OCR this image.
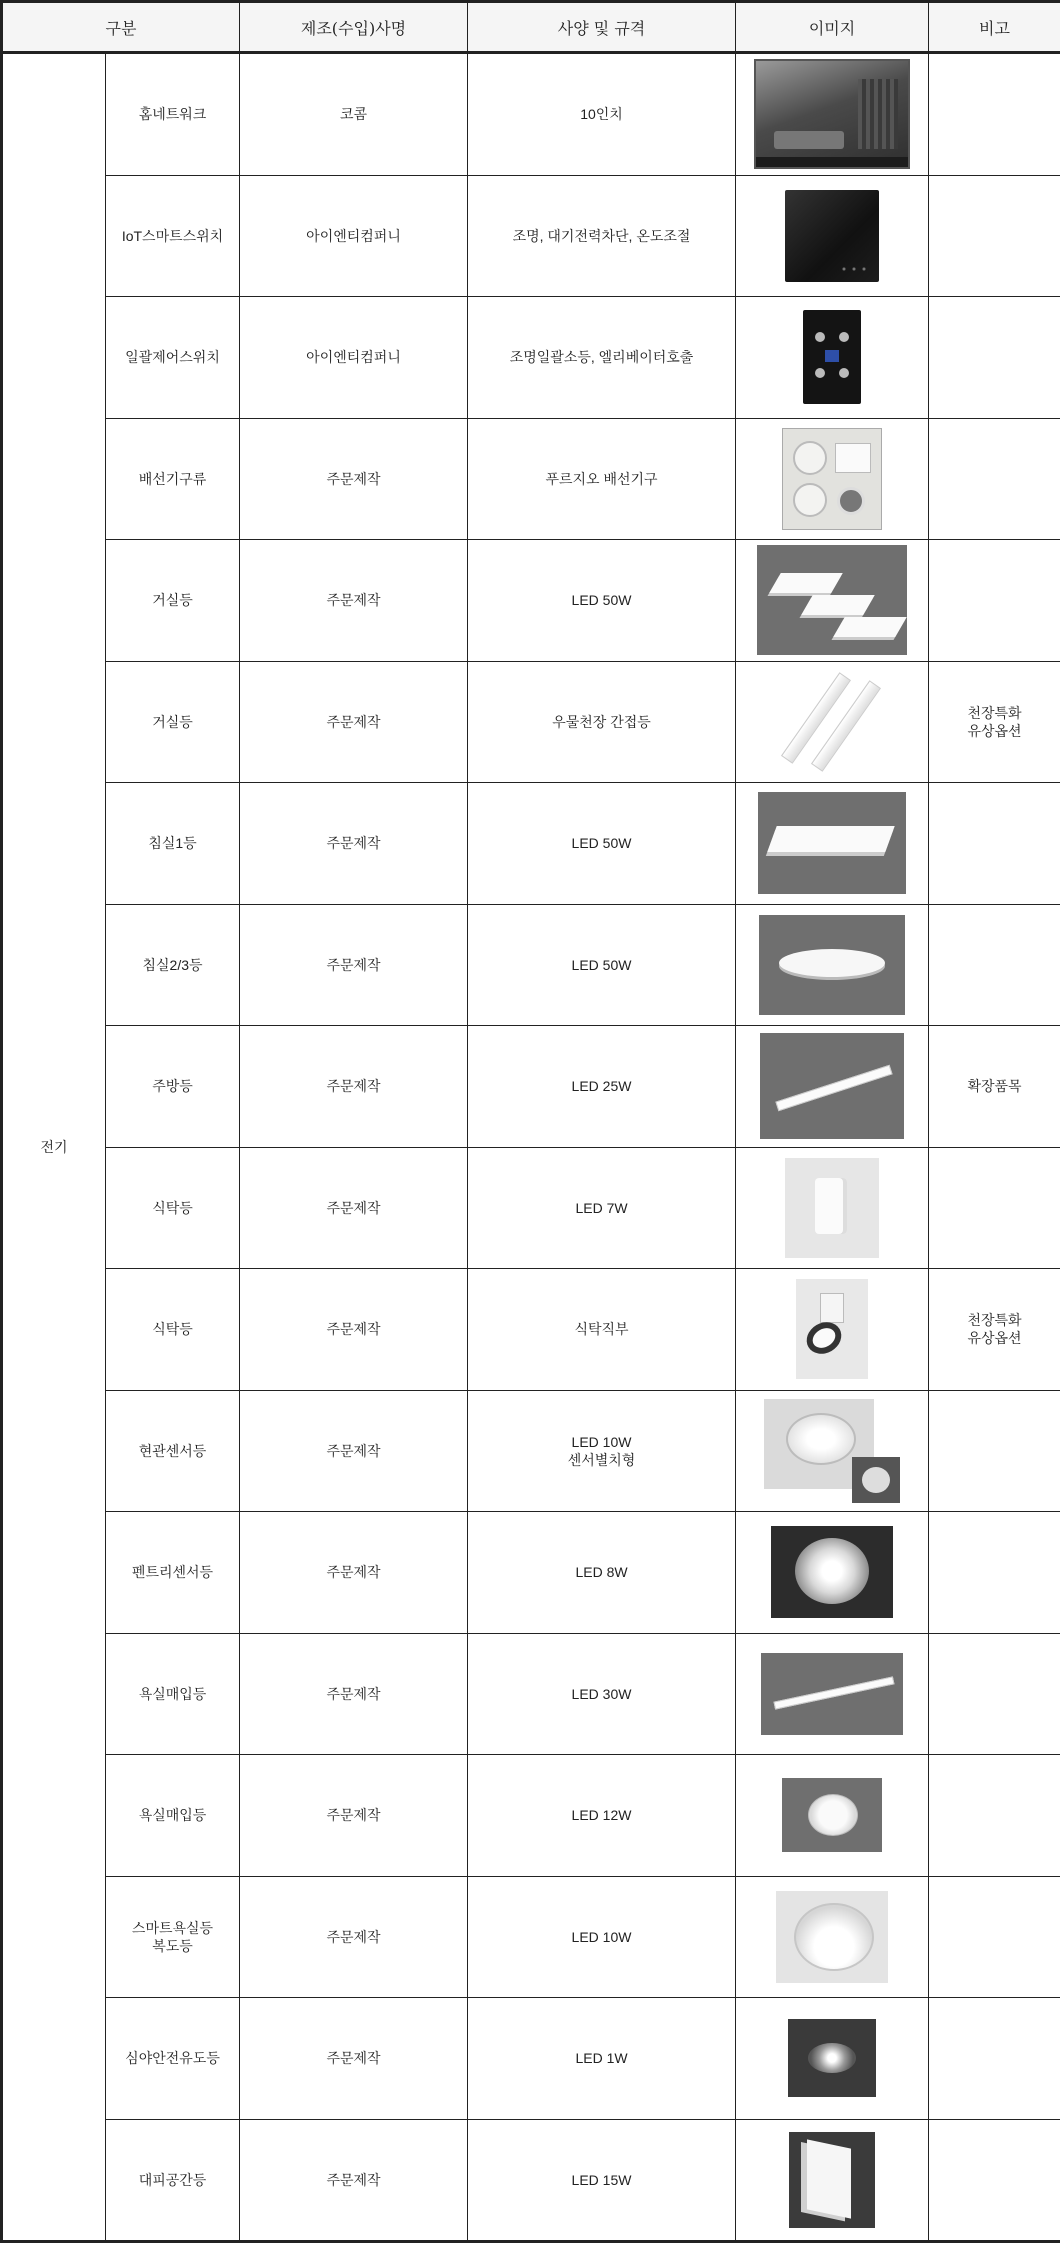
구분		제조(수입)사명	사양 및 규격	이미지	비고
전기	홈네트워크	코콤	10인치	

	IoT스마트스위치	아이엔티컴퍼니	조명, 대기전력차단, 온도조절	

	일괄제어스위치	아이엔티컴퍼니	조명일괄소등, 엘리베이터호출	

	배선기구류	주문제작	푸르지오 배선기구	

	거실등	주문제작	LED 50W	

	거실등	주문제작	우물천장 간접등		천장특화
유상옵션
	침실1등	주문제작	LED 50W	

	침실2/3등	주문제작	LED 50W	

	주방등	주문제작	LED 25W		확장품목
	식탁등	주문제작	LED 7W	

	식탁등	주문제작	식탁직부		천장특화
유상옵션
	현관센서등	주문제작	LED 10W
센서별치형	

	펜트리센서등	주문제작	LED 8W	

	욕실매입등	주문제작	LED 30W	

	욕실매입등	주문제작	LED 12W	

	스마트욕실등
복도등	주문제작	LED 10W	

	심야안전유도등	주문제작	LED 1W	

	대피공간등	주문제작	LED 15W	
